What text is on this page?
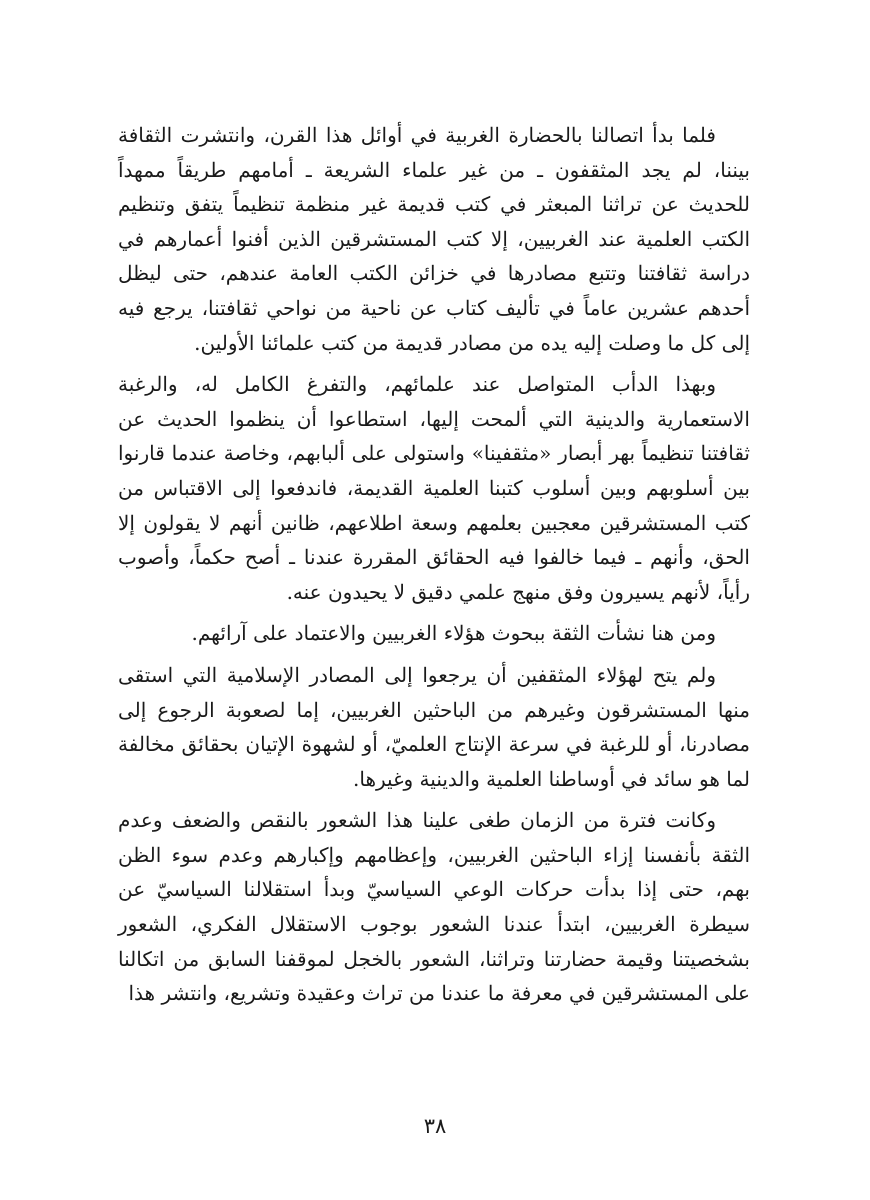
فلما بدأ اتصالنا بالحضارة الغربية في أوائل هذا القرن، وانتشرت الثقافة بيننا، لم يجد المثقفون ـ من غير علماء الشريعة ـ أمامهم طريقاً ممهداً للحديث عن تراثنا المبعثر في كتب قديمة غير منظمة تنظيماً يتفق وتنظيم الكتب العلمية عند الغربيين، إلا كتب المستشرقين الذين أفنوا أعمارهم في دراسة ثقافتنا وتتبع مصادرها في خزائن الكتب العامة عندهم، حتى ليظل أحدهم عشرين عاماً في تأليف كتاب عن ناحية من نواحي ثقافتنا، يرجع فيه إلى كل ما وصلت إليه يده من مصادر قديمة من كتب علمائنا الأولين.

وبهذا الدأب المتواصل عند علمائهم، والتفرغ الكامل له، والرغبة الاستعمارية والدينية التي ألمحت إليها، استطاعوا أن ينظموا الحديث عن ثقافتنا تنظيماً بهر أبصار «مثقفينا» واستولى على ألبابهم، وخاصة عندما قارنوا بين أسلوبهم وبين أسلوب كتبنا العلمية القديمة، فاندفعوا إلى الاقتباس من كتب المستشرقين معجبين بعلمهم وسعة اطلاعهم، ظانين أنهم لا يقولون إلا الحق، وأنهم ـ فيما خالفوا فيه الحقائق المقررة عندنا ـ أصح حكماً، وأصوب رأياً، لأنهم يسيرون وفق منهج علمي دقيق لا يحيدون عنه.

ومن هنا نشأت الثقة ببحوث هؤلاء الغربيين والاعتماد على آرائهم.

ولم يتح لهؤلاء المثقفين أن يرجعوا إلى المصادر الإسلامية التي استقى منها المستشرقون وغيرهم من الباحثين الغربيين، إما لصعوبة الرجوع إلى مصادرنا، أو للرغبة في سرعة الإنتاج العلميّ، أو لشهوة الإتيان بحقائق مخالفة لما هو سائد في أوساطنا العلمية والدينية وغيرها.

وكانت فترة من الزمان طغى علينا هذا الشعور بالنقص والضعف وعدم الثقة بأنفسنا إزاء الباحثين الغربيين، وإعظامهم وإكبارهم وعدم سوء الظن بهم، حتى إذا بدأت حركات الوعي السياسيّ وبدأ استقلالنا السياسيّ عن سيطرة الغربيين، ابتدأ عندنا الشعور بوجوب الاستقلال الفكري، الشعور بشخصيتنا وقيمة حضارتنا وتراثنا، الشعور بالخجل لموقفنا السابق من اتكالنا على المستشرقين في معرفة ما عندنا من تراث وعقيدة وتشريع، وانتشر هذا

٣٨
